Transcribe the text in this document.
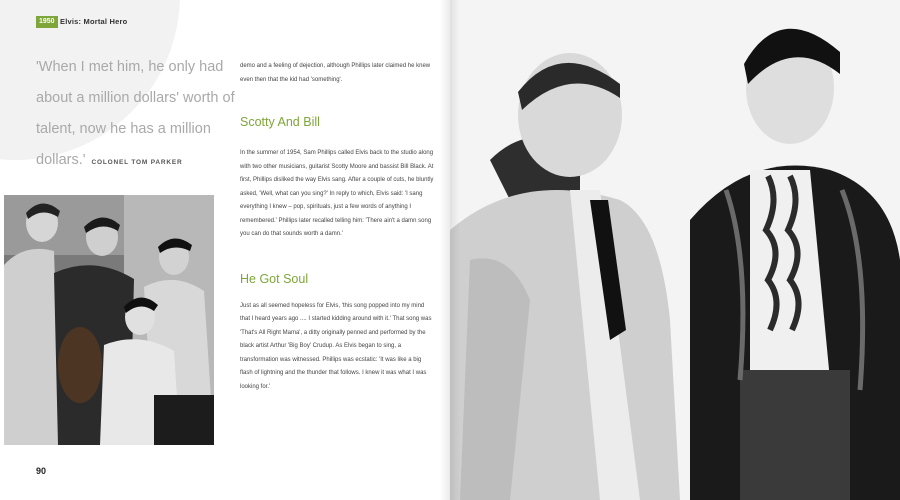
1950 Elvis: Mortal Hero
'When I met him, he only had about a million dollars' worth of talent, now he has a million dollars.' COLONEL TOM PARKER

demo and a feeling of dejection, although Phillips later claimed he knew even then that the kid had 'something'.

Scotty And Bill

In the summer of 1954, Sam Phillips called Elvis back to the studio along with two other musicians, guitarist Scotty Moore and bassist Bill Black. At first, Phillips disliked the way Elvis sang. After a couple of cuts, he bluntly asked, 'Well, what can you sing?' In reply to which, Elvis said: 'I sang everything I knew – pop, spirituals, just a few words of anything I remembered.' Phillips later recalled telling him: 'There ain't a damn song you can do that sounds worth a damn.'

He Got Soul

Just as all seemed hopeless for Elvis, 'this song popped into my mind that I heard years ago .... I started kidding around with it.' That song was 'That's All Right Mama', a ditty originally penned and performed by the black artist Arthur 'Big Boy' Crudup. As Elvis began to sing, a transformation was witnessed. Phillips was ecstatic: 'It was like a big flash of lightning and the thunder that follows. I knew it was what I was looking for.'

90
